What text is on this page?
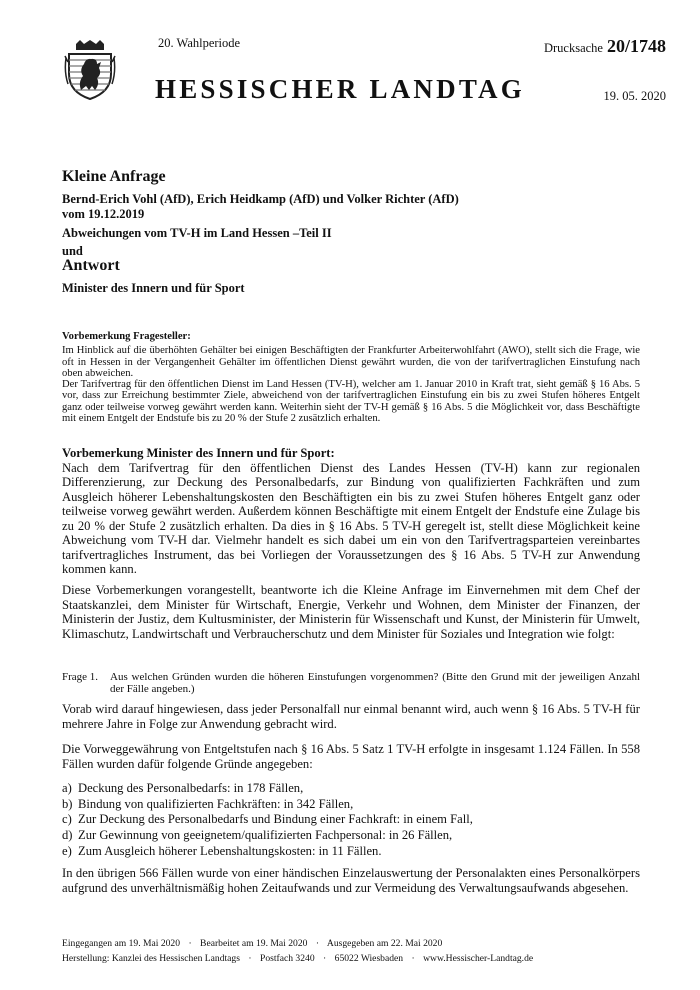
20. Wahlperiode	Drucksache 20/1748
HESSISCHER LANDTAG	19. 05. 2020
Kleine Anfrage
Bernd-Erich Vohl (AfD), Erich Heidkamp (AfD) und Volker Richter (AfD)
vom 19.12.2019
Abweichungen vom TV-H im Land Hessen –Teil II
und
Antwort
Minister des Innern und für Sport
Vorbemerkung Fragesteller:

Im Hinblick auf die überhöhten Gehälter bei einigen Beschäftigten der Frankfurter Arbeiterwohlfahrt (AWO), stellt sich die Frage, wie oft in Hessen in der Vergangenheit Gehälter im öffentlichen Dienst gewährt wurden, die von der tarifvertraglichen Einstufung nach oben abweichen.

Der Tarifvertrag für den öffentlichen Dienst im Land Hessen (TV-H), welcher am 1. Januar 2010 in Kraft trat, sieht gemäß § 16 Abs. 5 vor, dass zur Erreichung bestimmter Ziele, abweichend von der tarifvertraglichen Einstufung ein bis zu zwei Stufen höheres Entgelt ganz oder teilweise vorweg gewährt werden kann. Weiterhin sieht der TV-H gemäß § 16 Abs. 5 die Möglichkeit vor, dass Beschäftigte mit einem Entgelt der Endstufe bis zu 20 % der Stufe 2 zusätzlich erhalten.

Vorbemerkung Minister des Innern und für Sport:

Nach dem Tarifvertrag für den öffentlichen Dienst des Landes Hessen (TV-H) kann zur regionalen Differenzierung, zur Deckung des Personalbedarfs, zur Bindung von qualifizierten Fachkräften und zum Ausgleich höherer Lebenshaltungskosten den Beschäftigten ein bis zu zwei Stufen höheres Entgelt ganz oder teilweise vorweg gewährt werden. Außerdem können Beschäftigte mit einem Entgelt der Endstufe eine Zulage bis zu 20 % der Stufe 2 zusätzlich erhalten. Da dies in § 16 Abs. 5 TV-H geregelt ist, stellt diese Möglichkeit keine Abweichung vom TV-H dar. Vielmehr handelt es sich dabei um ein von den Tarifvertragsparteien vereinbartes tarifvertragliches Instrument, das bei Vorliegen der Voraussetzungen des § 16 Abs. 5 TV-H zur Anwendung kommen kann.

Diese Vorbemerkungen vorangestellt, beantworte ich die Kleine Anfrage im Einvernehmen mit dem Chef der Staatskanzlei, dem Minister für Wirtschaft, Energie, Verkehr und Wohnen, dem Minister der Finanzen, der Ministerin der Justiz, dem Kultusminister, der Ministerin für Wissenschaft und Kunst, der Ministerin für Umwelt, Klimaschutz, Landwirtschaft und Verbraucherschutz und dem Minister für Soziales und Integration wie folgt:

Frage 1.	Aus welchen Gründen wurden die höheren Einstufungen vorgenommen? (Bitte den Grund mit der jeweiligen Anzahl der Fälle angeben.)

Vorab wird darauf hingewiesen, dass jeder Personalfall nur einmal benannt wird, auch wenn § 16 Abs. 5 TV-H für mehrere Jahre in Folge zur Anwendung gebracht wird.

Die Vorweggewährung von Entgeltstufen nach § 16 Abs. 5 Satz 1 TV-H erfolgte in insgesamt 1.124 Fällen. In 558 Fällen wurden dafür folgende Gründe angegeben:

a) Deckung des Personalbedarfs: in 178 Fällen,
b) Bindung von qualifizierten Fachkräften: in 342 Fällen,
c) Zur Deckung des Personalbedarfs und Bindung einer Fachkraft: in einem Fall,
d) Zur Gewinnung von geeignetem/qualifizierten Fachpersonal: in 26 Fällen,
e) Zum Ausgleich höherer Lebenshaltungskosten: in 11 Fällen.

In den übrigen 566 Fällen wurde von einer händischen Einzelauswertung der Personalakten eines Personalkörpers aufgrund des unverhältnismäßig hohen Zeitaufwands und zur Vermeidung des Verwaltungsaufwands abgesehen.

Eingegangen am 19. Mai 2020 · Bearbeitet am 19. Mai 2020 · Ausgegeben am 22. Mai 2020
Herstellung: Kanzlei des Hessischen Landtags · Postfach 3240 · 65022 Wiesbaden · www.Hessischer-Landtag.de
